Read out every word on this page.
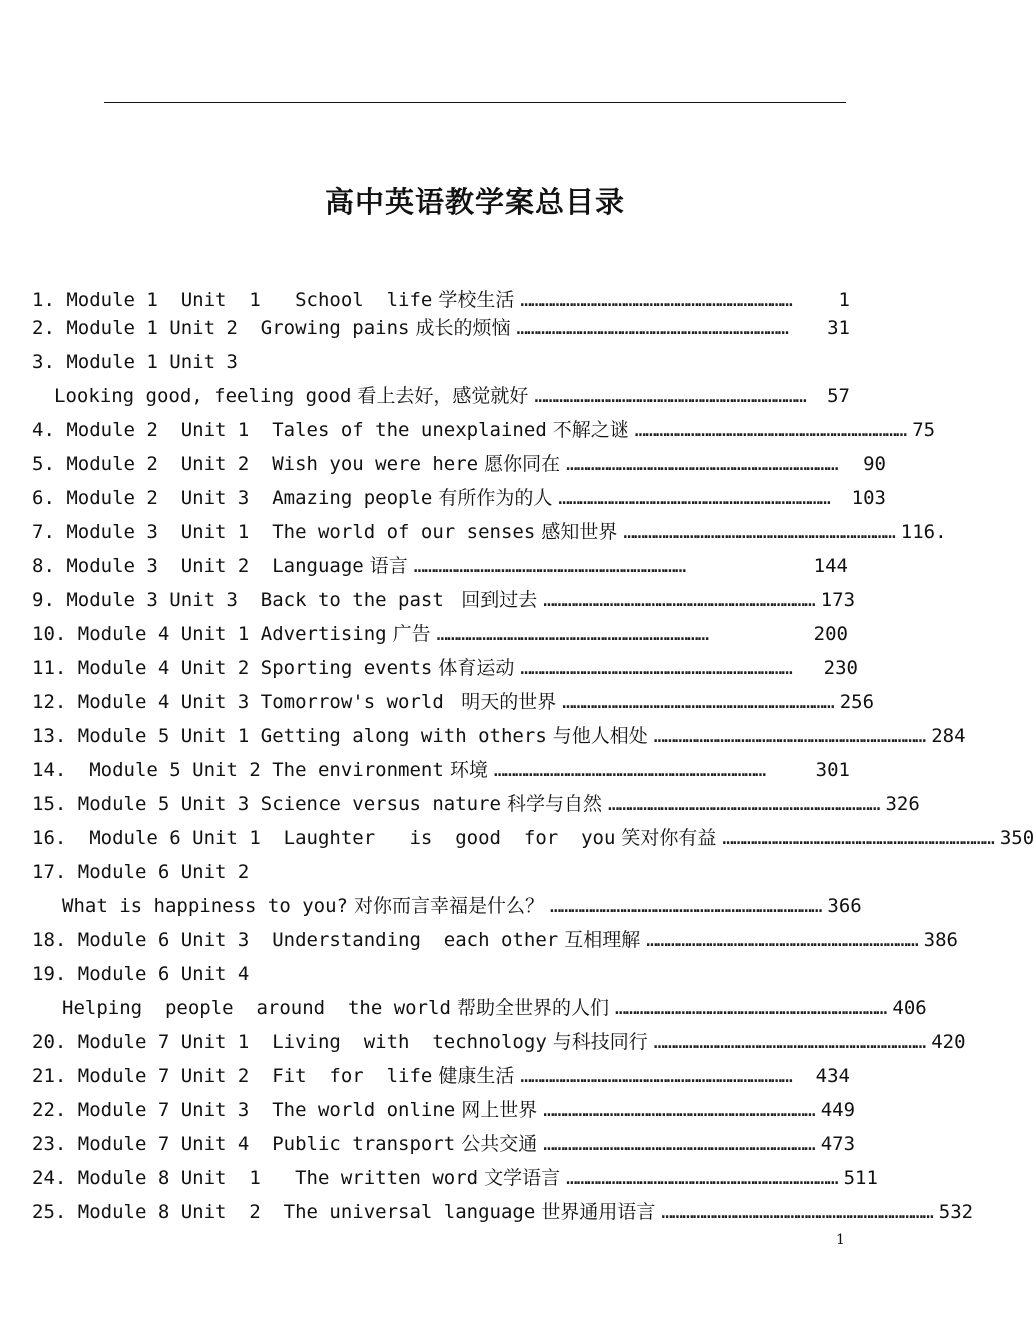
高中英语教学案总目录
1. Module 1  Unit  1   School  life 学校生活 ……………………………………………………………………	1
2. Module 1 Unit 2  Growing pains 成长的烦恼 ……………………………………………………………………	31
3. Module 1 Unit 3
Looking good, feeling good 看上去好，感觉就好 ……………………………………………………………………	57
4. Module 2  Unit 1  Tales of the unexplained 不解之谜 …………………………………………………………………… 75
5. Module 2  Unit 2  Wish you were here 愿你同在 ……………………………………………………………………	90
6. Module 2  Unit 3  Amazing people 有所作为的人 ……………………………………………………………………	103
7. Module 3  Unit 1  The world of our senses 感知世界 …………………………………………………………………… 116.
8. Module 3  Unit 2  Language 语言 ……………………………………………………………………	144
9. Module 3 Unit 3  Back to the past 回到过去 …………………………………………………………………… 173
10. Module 4 Unit 1 Advertising 广告 ……………………………………………………………………	200
11. Module 4 Unit 2 Sporting events 体育运动 ……………………………………………………………………	230
12. Module 4 Unit 3 Tomorrow's world 明天的世界 …………………………………………………………………… 256
13. Module 5 Unit 1 Getting along with others 与他人相处 …………………………………………………………………… 284
14.  Module 5 Unit 2 The environment 环境 ……………………………………………………………………	301
15. Module 5 Unit 3 Science versus nature 科学与自然 …………………………………………………………………… 326
16.  Module 6 Unit 1  Laughter   is  good  for  you 笑对你有益 …………………………………………………………………… 350
17. Module 6 Unit 2
What is happiness to you? 对你而言幸福是什么？ …………………………………………………………………… 366
18. Module 6 Unit 3  Understanding  each other 互相理解 …………………………………………………………………… 386
19. Module 6 Unit 4
Helping  people  around  the world 帮助全世界的人们 …………………………………………………………………… 406
20. Module 7 Unit 1  Living  with  technology 与科技同行 …………………………………………………………………… 420
21. Module 7 Unit 2  Fit  for  life 健康生活 ……………………………………………………………………	434
22. Module 7 Unit 3  The world online 网上世界 …………………………………………………………………… 449
23. Module 7 Unit 4  Public transport 公共交通 …………………………………………………………………… 473
24. Module 8 Unit  1   The written word 文学语言 …………………………………………………………………… 511
25. Module 8 Unit  2  The universal language 世界通用语言 …………………………………………………………………… 532
1
